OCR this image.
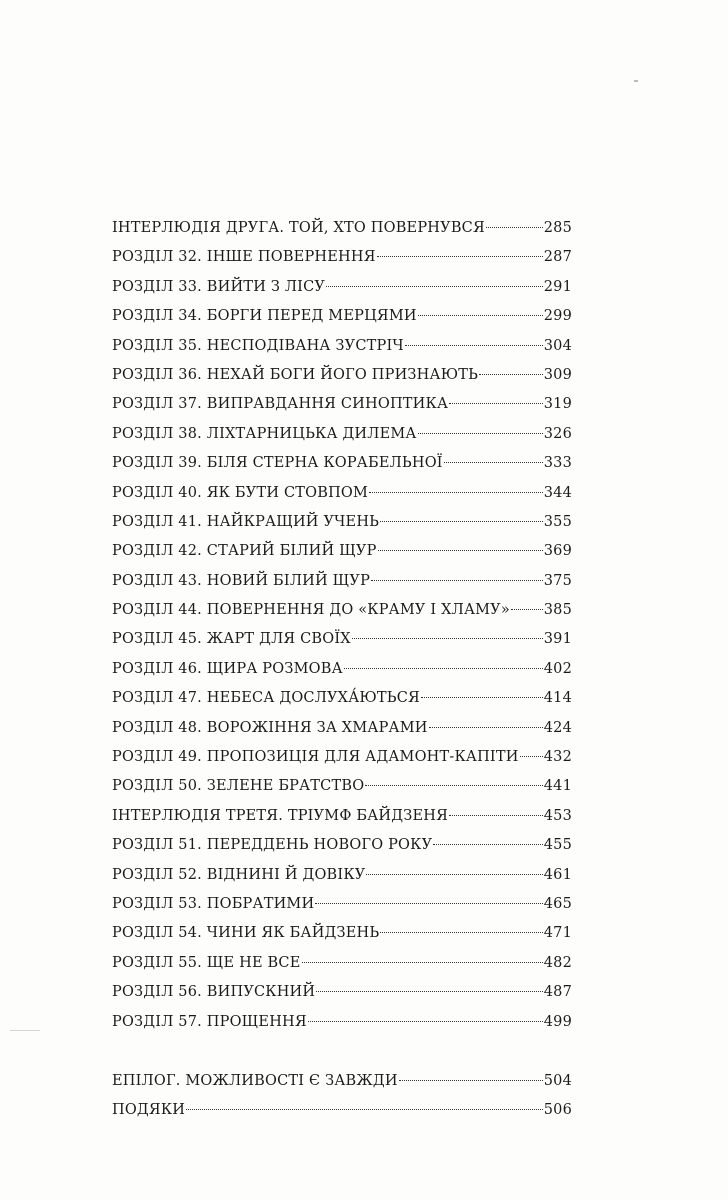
ІНТЕРЛЮДІЯ ДРУГА. ТОЙ, ХТО ПОВЕРНУВСЯ	285
РОЗДІЛ 32. ІНШЕ ПОВЕРНЕННЯ	287
РОЗДІЛ 33. ВИЙТИ З ЛІСУ	291
РОЗДІЛ 34. БОРГИ ПЕРЕД МЕРЦЯМИ	299
РОЗДІЛ 35. НЕСПОДІВАНА ЗУСТРІЧ	304
РОЗДІЛ 36. НЕХАЙ БОГИ ЙОГО ПРИЗНАЮТЬ	309
РОЗДІЛ 37. ВИПРАВДАННЯ СИНОПТИКА	319
РОЗДІЛ 38. ЛІХТАРНИЦЬКА ДИЛЕМА	326
РОЗДІЛ 39. БІЛЯ СТЕРНА КОРАБЕЛЬНОЇ	333
РОЗДІЛ 40. ЯК БУТИ СТОВПОМ	344
РОЗДІЛ 41. НАЙКРАЩИЙ УЧЕНЬ	355
РОЗДІЛ 42. СТАРИЙ БІЛИЙ ЩУР	369
РОЗДІЛ 43. НОВИЙ БІЛИЙ ЩУР	375
РОЗДІЛ 44. ПОВЕРНЕННЯ ДО «КРАМУ І ХЛАМУ» 385
РОЗДІЛ 45. ЖАРТ ДЛЯ СВОЇХ	391
РОЗДІЛ 46. ЩИРА РОЗМОВА	402
РОЗДІЛ 47. НЕБЕСА ДОСЛУХА́ЮТЬСЯ	414
РОЗДІЛ 48. ВОРОЖІННЯ ЗА ХМАРАМИ	424
РОЗДІЛ 49. ПРОПОЗИЦІЯ ДЛЯ АДАМОНТ-КАПІТИ 432
РОЗДІЛ 50. ЗЕЛЕНЕ БРАТСТВО	441
ІНТЕРЛЮДІЯ ТРЕТЯ. ТРІУМФ БАЙДЗЕНЯ	453
РОЗДІЛ 51. ПЕРЕДДЕНЬ НОВОГО РОКУ	455
РОЗДІЛ 52. ВІДНИНІ Й ДОВІКУ	461
РОЗДІЛ 53. ПОБРАТИМИ	465
РОЗДІЛ 54. ЧИНИ ЯК БАЙДЗЕНЬ	471
РОЗДІЛ 55. ЩЕ НЕ ВСЕ	482
РОЗДІЛ 56. ВИПУСКНИЙ	487
РОЗДІЛ 57. ПРОЩЕННЯ	499
ЕПІЛОГ. МОЖЛИВОСТІ Є ЗАВЖДИ	504
ПОДЯКИ	506
